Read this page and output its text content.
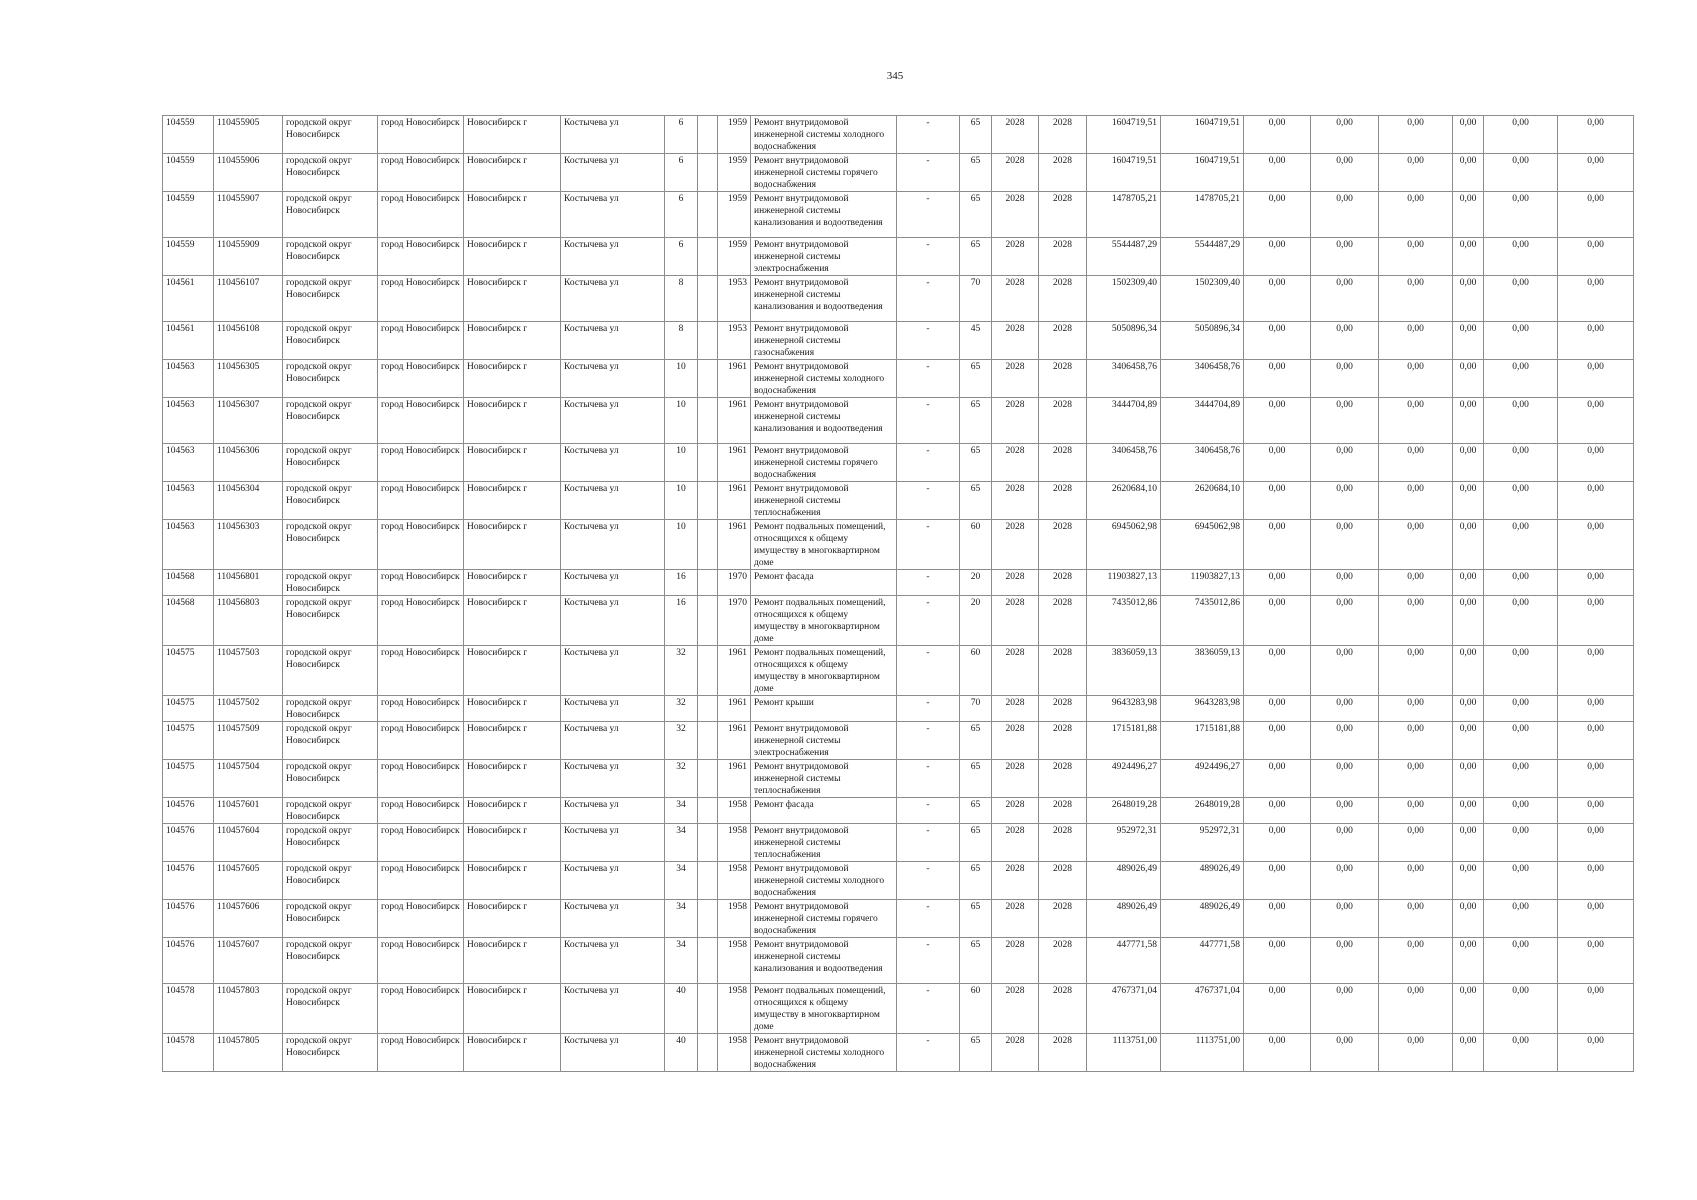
345
104559	110455905	городской округ Новосибирск	город Новосибирск	Новосибирск г	Костычева ул	6		1959	Ремонт внутридомовой инженерной системы холодного водоснабжения	-	65	2028	2028	1604719,51	1604719,51	0,00	0,00	0,00	0,00	0,00	0,00
104559	110455906	городской округ Новосибирск	город Новосибирск	Новосибирск г	Костычева ул	6		1959	Ремонт внутридомовой инженерной системы горячего водоснабжения	-	65	2028	2028	1604719,51	1604719,51	0,00	0,00	0,00	0,00	0,00	0,00
104559	110455907	городской округ Новосибирск	город Новосибирск	Новосибирск г	Костычева ул	6		1959	Ремонт внутридомовой инженерной системы канализования и водоотведения	-	65	2028	2028	1478705,21	1478705,21	0,00	0,00	0,00	0,00	0,00	0,00
104559	110455909	городской округ Новосибирск	город Новосибирск	Новосибирск г	Костычева ул	6		1959	Ремонт внутридомовой инженерной системы электроснабжения	-	65	2028	2028	5544487,29	5544487,29	0,00	0,00	0,00	0,00	0,00	0,00
104561	110456107	городской округ Новосибирск	город Новосибирск	Новосибирск г	Костычева ул	8		1953	Ремонт внутридомовой инженерной системы канализования и водоотведения	-	70	2028	2028	1502309,40	1502309,40	0,00	0,00	0,00	0,00	0,00	0,00
104561	110456108	городской округ Новосибирск	город Новосибирск	Новосибирск г	Костычева ул	8		1953	Ремонт внутридомовой инженерной системы газоснабжения	-	45	2028	2028	5050896,34	5050896,34	0,00	0,00	0,00	0,00	0,00	0,00
104563	110456305	городской округ Новосибирск	город Новосибирск	Новосибирск г	Костычева ул	10		1961	Ремонт внутридомовой инженерной системы холодного водоснабжения	-	65	2028	2028	3406458,76	3406458,76	0,00	0,00	0,00	0,00	0,00	0,00
104563	110456307	городской округ Новосибирск	город Новосибирск	Новосибирск г	Костычева ул	10		1961	Ремонт внутридомовой инженерной системы канализования и водоотведения	-	65	2028	2028	3444704,89	3444704,89	0,00	0,00	0,00	0,00	0,00	0,00
104563	110456306	городской округ Новосибирск	город Новосибирск	Новосибирск г	Костычева ул	10		1961	Ремонт внутридомовой инженерной системы горячего водоснабжения	-	65	2028	2028	3406458,76	3406458,76	0,00	0,00	0,00	0,00	0,00	0,00
104563	110456304	городской округ Новосибирск	город Новосибирск	Новосибирск г	Костычева ул	10		1961	Ремонт внутридомовой инженерной системы теплоснабжения	-	65	2028	2028	2620684,10	2620684,10	0,00	0,00	0,00	0,00	0,00	0,00
104563	110456303	городской округ Новосибирск	город Новосибирск	Новосибирск г	Костычева ул	10		1961	Ремонт подвальных помещений, относящихся к общему имуществу в многоквартирном доме	-	60	2028	2028	6945062,98	6945062,98	0,00	0,00	0,00	0,00	0,00	0,00
104568	110456801	городской округ Новосибирск	город Новосибирск	Новосибирск г	Костычева ул	16		1970	Ремонт фасада	-	20	2028	2028	11903827,13	11903827,13	0,00	0,00	0,00	0,00	0,00	0,00
104568	110456803	городской округ Новосибирск	город Новосибирск	Новосибирск г	Костычева ул	16		1970	Ремонт подвальных помещений, относящихся к общему имуществу в многоквартирном доме	-	20	2028	2028	7435012,86	7435012,86	0,00	0,00	0,00	0,00	0,00	0,00
104575	110457503	городской округ Новосибирск	город Новосибирск	Новосибирск г	Костычева ул	32		1961	Ремонт подвальных помещений, относящихся к общему имуществу в многоквартирном доме	-	60	2028	2028	3836059,13	3836059,13	0,00	0,00	0,00	0,00	0,00	0,00
104575	110457502	городской округ Новосибирск	город Новосибирск	Новосибирск г	Костычева ул	32		1961	Ремонт крыши	-	70	2028	2028	9643283,98	9643283,98	0,00	0,00	0,00	0,00	0,00	0,00
104575	110457509	городской округ Новосибирск	город Новосибирск	Новосибирск г	Костычева ул	32		1961	Ремонт внутридомовой инженерной системы электроснабжения	-	65	2028	2028	1715181,88	1715181,88	0,00	0,00	0,00	0,00	0,00	0,00
104575	110457504	городской округ Новосибирск	город Новосибирск	Новосибирск г	Костычева ул	32		1961	Ремонт внутридомовой инженерной системы теплоснабжения	-	65	2028	2028	4924496,27	4924496,27	0,00	0,00	0,00	0,00	0,00	0,00
104576	110457601	городской округ Новосибирск	город Новосибирск	Новосибирск г	Костычева ул	34		1958	Ремонт фасада	-	65	2028	2028	2648019,28	2648019,28	0,00	0,00	0,00	0,00	0,00	0,00
104576	110457604	городской округ Новосибирск	город Новосибирск	Новосибирск г	Костычева ул	34		1958	Ремонт внутридомовой инженерной системы теплоснабжения	-	65	2028	2028	952972,31	952972,31	0,00	0,00	0,00	0,00	0,00	0,00
104576	110457605	городской округ Новосибирск	город Новосибирск	Новосибирск г	Костычева ул	34		1958	Ремонт внутридомовой инженерной системы холодного водоснабжения	-	65	2028	2028	489026,49	489026,49	0,00	0,00	0,00	0,00	0,00	0,00
104576	110457606	городской округ Новосибирск	город Новосибирск	Новосибирск г	Костычева ул	34		1958	Ремонт внутридомовой инженерной системы горячего водоснабжения	-	65	2028	2028	489026,49	489026,49	0,00	0,00	0,00	0,00	0,00	0,00
104576	110457607	городской округ Новосибирск	город Новосибирск	Новосибирск г	Костычева ул	34		1958	Ремонт внутридомовой инженерной системы канализования и водоотведения	-	65	2028	2028	447771,58	447771,58	0,00	0,00	0,00	0,00	0,00	0,00
104578	110457803	городской округ Новосибирск	город Новосибирск	Новосибирск г	Костычева ул	40		1958	Ремонт подвальных помещений, относящихся к общему имуществу в многоквартирном доме	-	60	2028	2028	4767371,04	4767371,04	0,00	0,00	0,00	0,00	0,00	0,00
104578	110457805	городской округ Новосибирск	город Новосибирск	Новосибирск г	Костычева ул	40		1958	Ремонт внутридомовой инженерной системы холодного водоснабжения	-	65	2028	2028	1113751,00	1113751,00	0,00	0,00	0,00	0,00	0,00	0,00
